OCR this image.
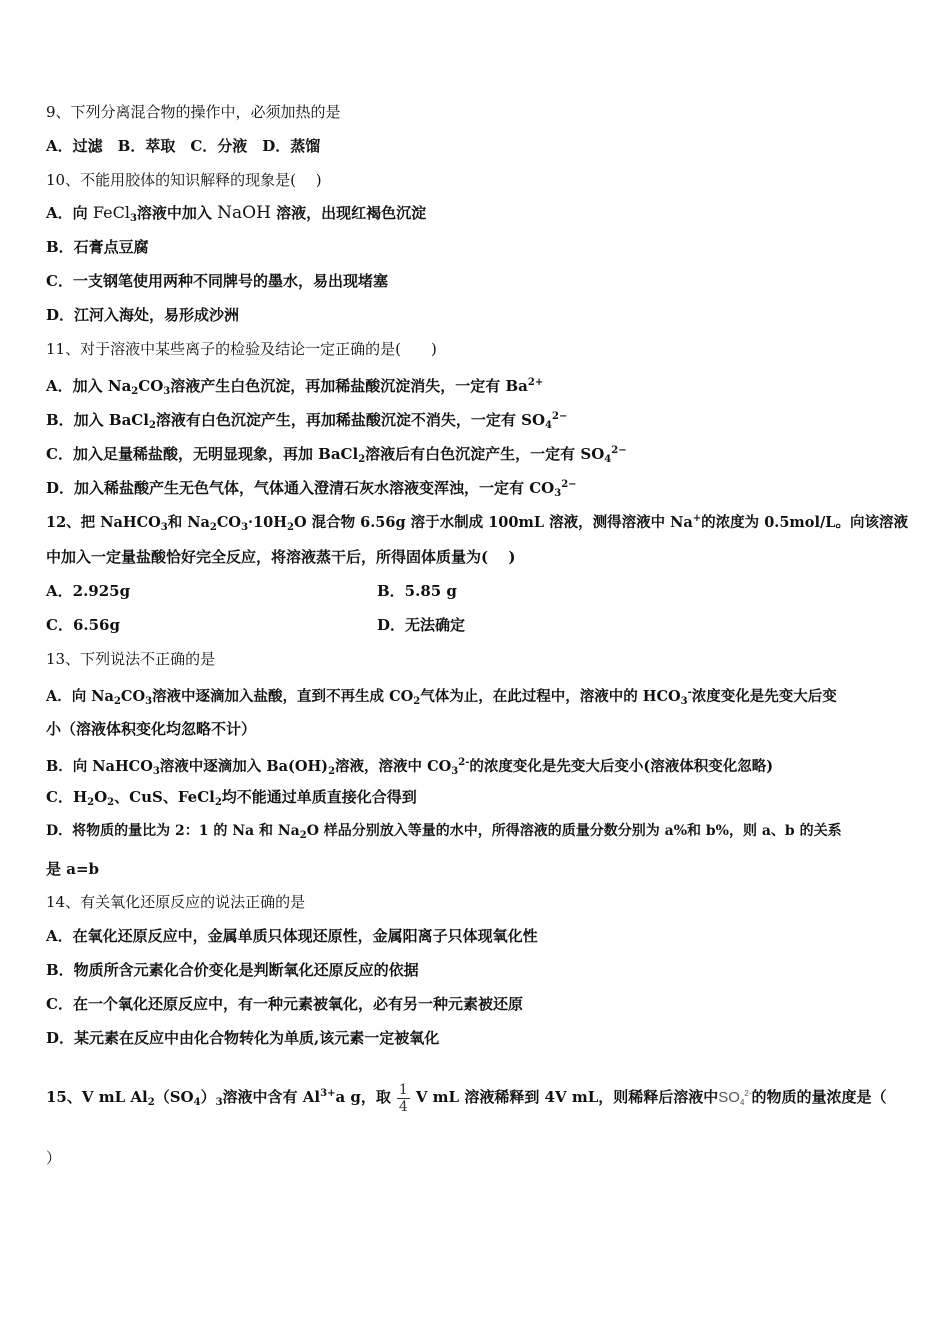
9、下列分离混合物的操作中，必须加热的是
A．过滤　B．萃取　C．分液　D．蒸馏
10、不能用胶体的知识解释的现象是(　 )
A．向 FeCl$_3$溶液中加入 NaOH 溶液，出现红褐色沉淀
B．石膏点豆腐
C．一支钢笔使用两种不同牌号的墨水，易出现堵塞
D．江河入海处，易形成沙洲
11、对于溶液中某些离子的检验及结论一定正确的是(　　)
A．加入 $Na_2CO_3$溶液产生白色沉淀，再加稀盐酸沉淀消失，一定有 $Ba^{2+}$
B．加入 BaCl$_2$溶液有白色沉淀产生，再加稀盐酸沉淀不消失，一定有 $SO_4^{2-}$
C．加入足量稀盐酸，无明显现象，再加 BaCl$_2$溶液后有白色沉淀产生，一定有 $SO_4^{2-}$
D．加入稀盐酸产生无色气体，气体通入澄清石灰水溶液变浑浊，一定有 $CO_3^{2-}$
12、把 NaHCO$_3$和 $Na_2CO_3\cdot 10H_2O$ 混合物 6.56g 溶于水制成 100mL 溶液，测得溶液中 Na+的浓度为 0.5mol/L。向该溶液
中加入一定量盐酸恰好完全反应，将溶液蒸干后，所得固体质量为(　 )
A．2.925g	B．5.85 g
C．6.56g	D．无法确定
13、下列说法不正确的是
A．向 $Na_2CO_3$溶液中逐滴加入盐酸，直到不再生成 $CO_2$气体为止，在此过程中，溶液中的 $HCO_3^-$浓度变化是先变大后变
小（溶液体积变化均忽略不计）
B．向 NaHCO$_3$溶液中逐滴加入 $Ba(OH)_2$溶液，溶液中 $CO_3^{2-}$的浓度变化是先变大后变小(溶液体积变化忽略)
C．$H_2O_2$、CuS、FeCl$_2$均不能通过单质直接化合得到
D．将物质的量比为 2：1 的 Na 和 $Na_2O$ 样品分别放入等量的水中，所得溶液的质量分数分别为 a%和 b%，则 a、b 的关系
是 a=b
14、有关氧化还原反应的说法正确的是
A．在氧化还原反应中，金属单质只体现还原性，金属阳离子只体现氧化性
B．物质所含元素化合价变化是判断氧化还原反应的依据
C．在一个氧化还原反应中，有一种元素被氧化，必有另一种元素被还原
D．某元素在反应中由化合物转化为单质,该元素一定被氧化
15、V mL $Al_2(SO_4)_3$溶液中含有 $Al^{3+}a$ g，取 $\frac{1}{4}$ V mL 溶液稀释到 4V mL，则稀释后溶液中$SO_4^{2-}$的物质的量浓度是（
）
